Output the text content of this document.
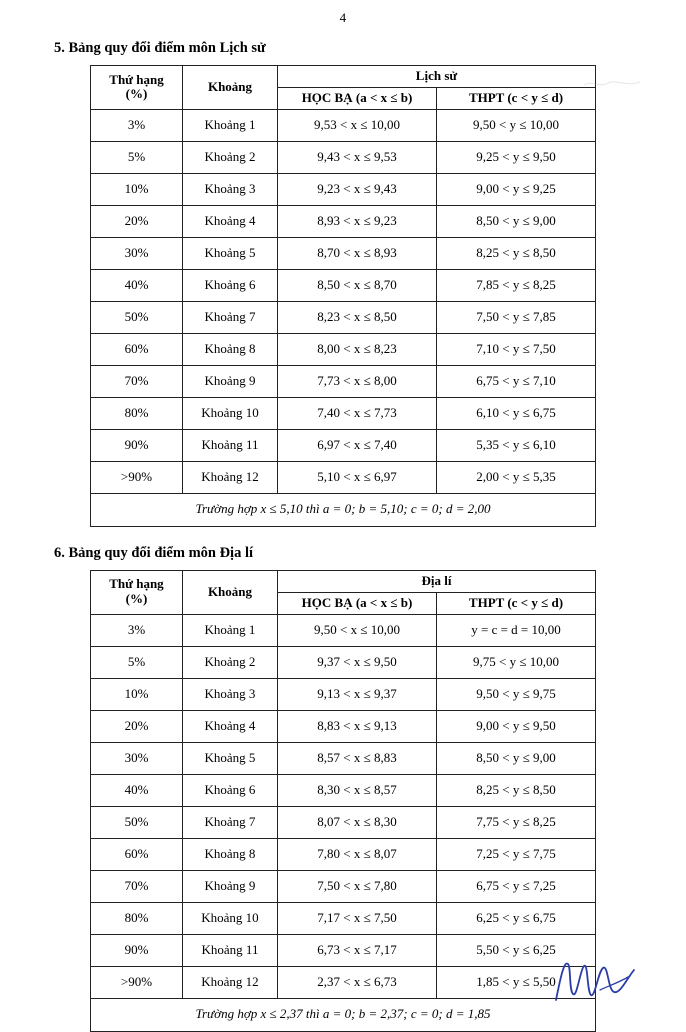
4
5. Bảng quy đổi điểm môn Lịch sử
Thứ hạng
(%)	Khoảng	Lịch sử	
		HỌC BẠ (a < x ≤ b)	THPT (c < y ≤ d)
3%	Khoảng 1	9,53 < x ≤ 10,00	9,50 < y ≤ 10,00
5%	Khoảng 2	9,43 < x ≤ 9,53	9,25 < y ≤ 9,50
10%	Khoảng 3	9,23 < x ≤ 9,43	9,00 < y ≤ 9,25
20%	Khoảng 4	8,93 < x ≤ 9,23	8,50 < y ≤ 9,00
30%	Khoảng 5	8,70 < x ≤ 8,93	8,25 < y ≤ 8,50
40%	Khoảng 6	8,50 < x ≤ 8,70	7,85 < y ≤ 8,25
50%	Khoảng 7	8,23 < x ≤ 8,50	7,50 < y ≤ 7,85
60%	Khoảng 8	8,00 < x ≤ 8,23	7,10 < y ≤ 7,50
70%	Khoảng 9	7,73 < x ≤ 8,00	6,75 < y ≤ 7,10
80%	Khoảng 10	7,40 < x ≤ 7,73	6,10 < y ≤ 6,75
90%	Khoảng 11	6,97 < x ≤ 7,40	5,35 < y ≤ 6,10
>90%	Khoảng 12	5,10 < x ≤ 6,97	2,00 < y ≤ 5,35
Trường hợp x ≤ 5,10 thì a = 0; b = 5,10; c = 0; d = 2,00			
6. Bảng quy đổi điểm môn Địa lí
Thứ hạng
(%)	Khoảng	Địa lí	
		HỌC BẠ (a < x ≤ b)	THPT (c < y ≤ d)
3%	Khoảng 1	9,50 < x ≤ 10,00	y = c = d = 10,00
5%	Khoảng 2	9,37 < x ≤ 9,50	9,75 < y ≤ 10,00
10%	Khoảng 3	9,13 < x ≤ 9,37	9,50 < y ≤ 9,75
20%	Khoảng 4	8,83 < x ≤ 9,13	9,00 < y ≤ 9,50
30%	Khoảng 5	8,57 < x ≤ 8,83	8,50 < y ≤ 9,00
40%	Khoảng 6	8,30 < x ≤ 8,57	8,25 < y ≤ 8,50
50%	Khoảng 7	8,07 < x ≤ 8,30	7,75 < y ≤ 8,25
60%	Khoảng 8	7,80 < x ≤ 8,07	7,25 < y ≤ 7,75
70%	Khoảng 9	7,50 < x ≤ 7,80	6,75 < y ≤ 7,25
80%	Khoảng 10	7,17 < x ≤ 7,50	6,25 < y ≤ 6,75
90%	Khoảng 11	6,73 < x ≤ 7,17	5,50 < y ≤ 6,25
>90%	Khoảng 12	2,37 < x ≤ 6,73	1,85 < y ≤ 5,50
Trường hợp x ≤ 2,37 thì a = 0; b = 2,37; c = 0; d = 1,85			
